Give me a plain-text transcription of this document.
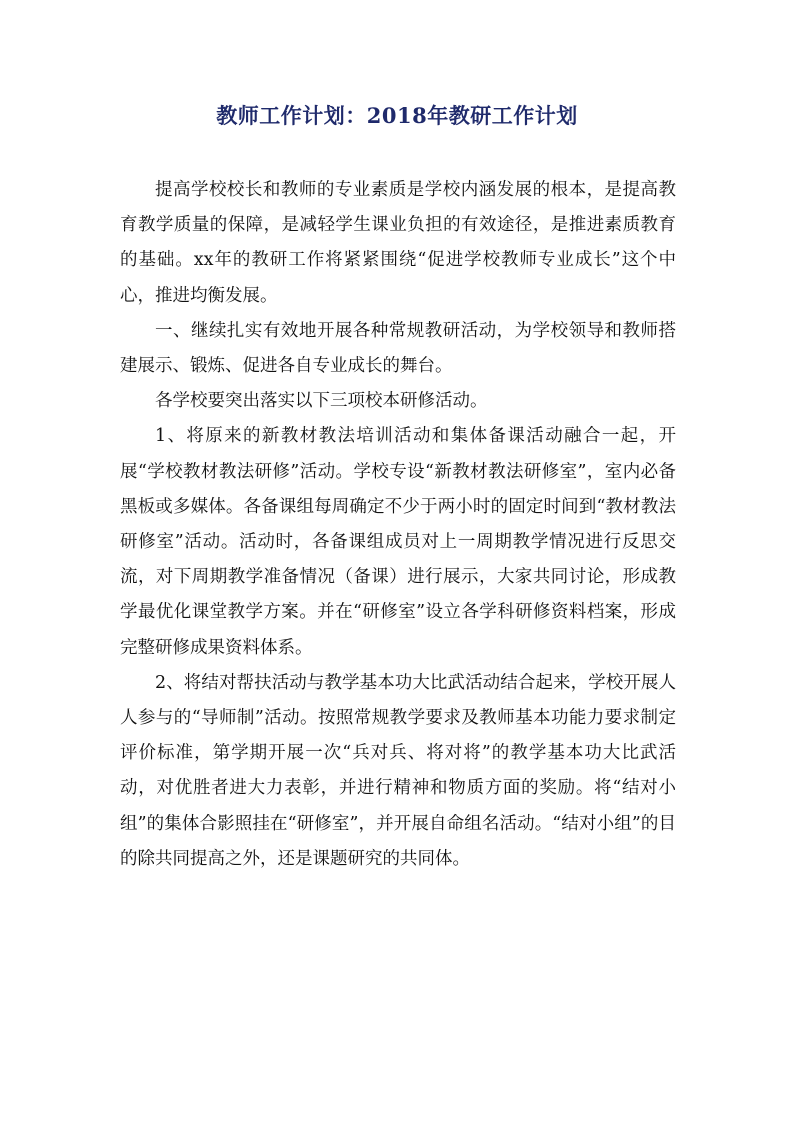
教师工作计划：2018年教研工作计划

提高学校校长和教师的专业素质是学校内涵发展的根本，是提高教育教学质量的保障，是减轻学生课业负担的有效途径，是推进素质教育的基础。xx年的教研工作将紧紧围绕“促进学校教师专业成长”这个中心，推进均衡发展。

一、继续扎实有效地开展各种常规教研活动，为学校领导和教师搭建展示、锻炼、促进各自专业成长的舞台。

各学校要突出落实以下三项校本研修活动。

1、将原来的新教材教法培训活动和集体备课活动融合一起，开展“学校教材教法研修”活动。学校专设“新教材教法研修室”，室内必备黑板或多媒体。各备课组每周确定不少于两小时的固定时间到“教材教法研修室”活动。活动时，各备课组成员对上一周期教学情况进行反思交流，对下周期教学准备情况（备课）进行展示，大家共同讨论，形成教学最优化课堂教学方案。并在“研修室”设立各学科研修资料档案，形成完整研修成果资料体系。

2、将结对帮扶活动与教学基本功大比武活动结合起来，学校开展人人参与的“导师制”活动。按照常规教学要求及教师基本功能力要求制定评价标准，第学期开展一次“兵对兵、将对将”的教学基本功大比武活动，对优胜者进大力表彰，并进行精神和物质方面的奖励。将“结对小组”的集体合影照挂在“研修室”，并开展自命组名活动。“结对小组”的目的除共同提高之外，还是课题研究的共同体。
